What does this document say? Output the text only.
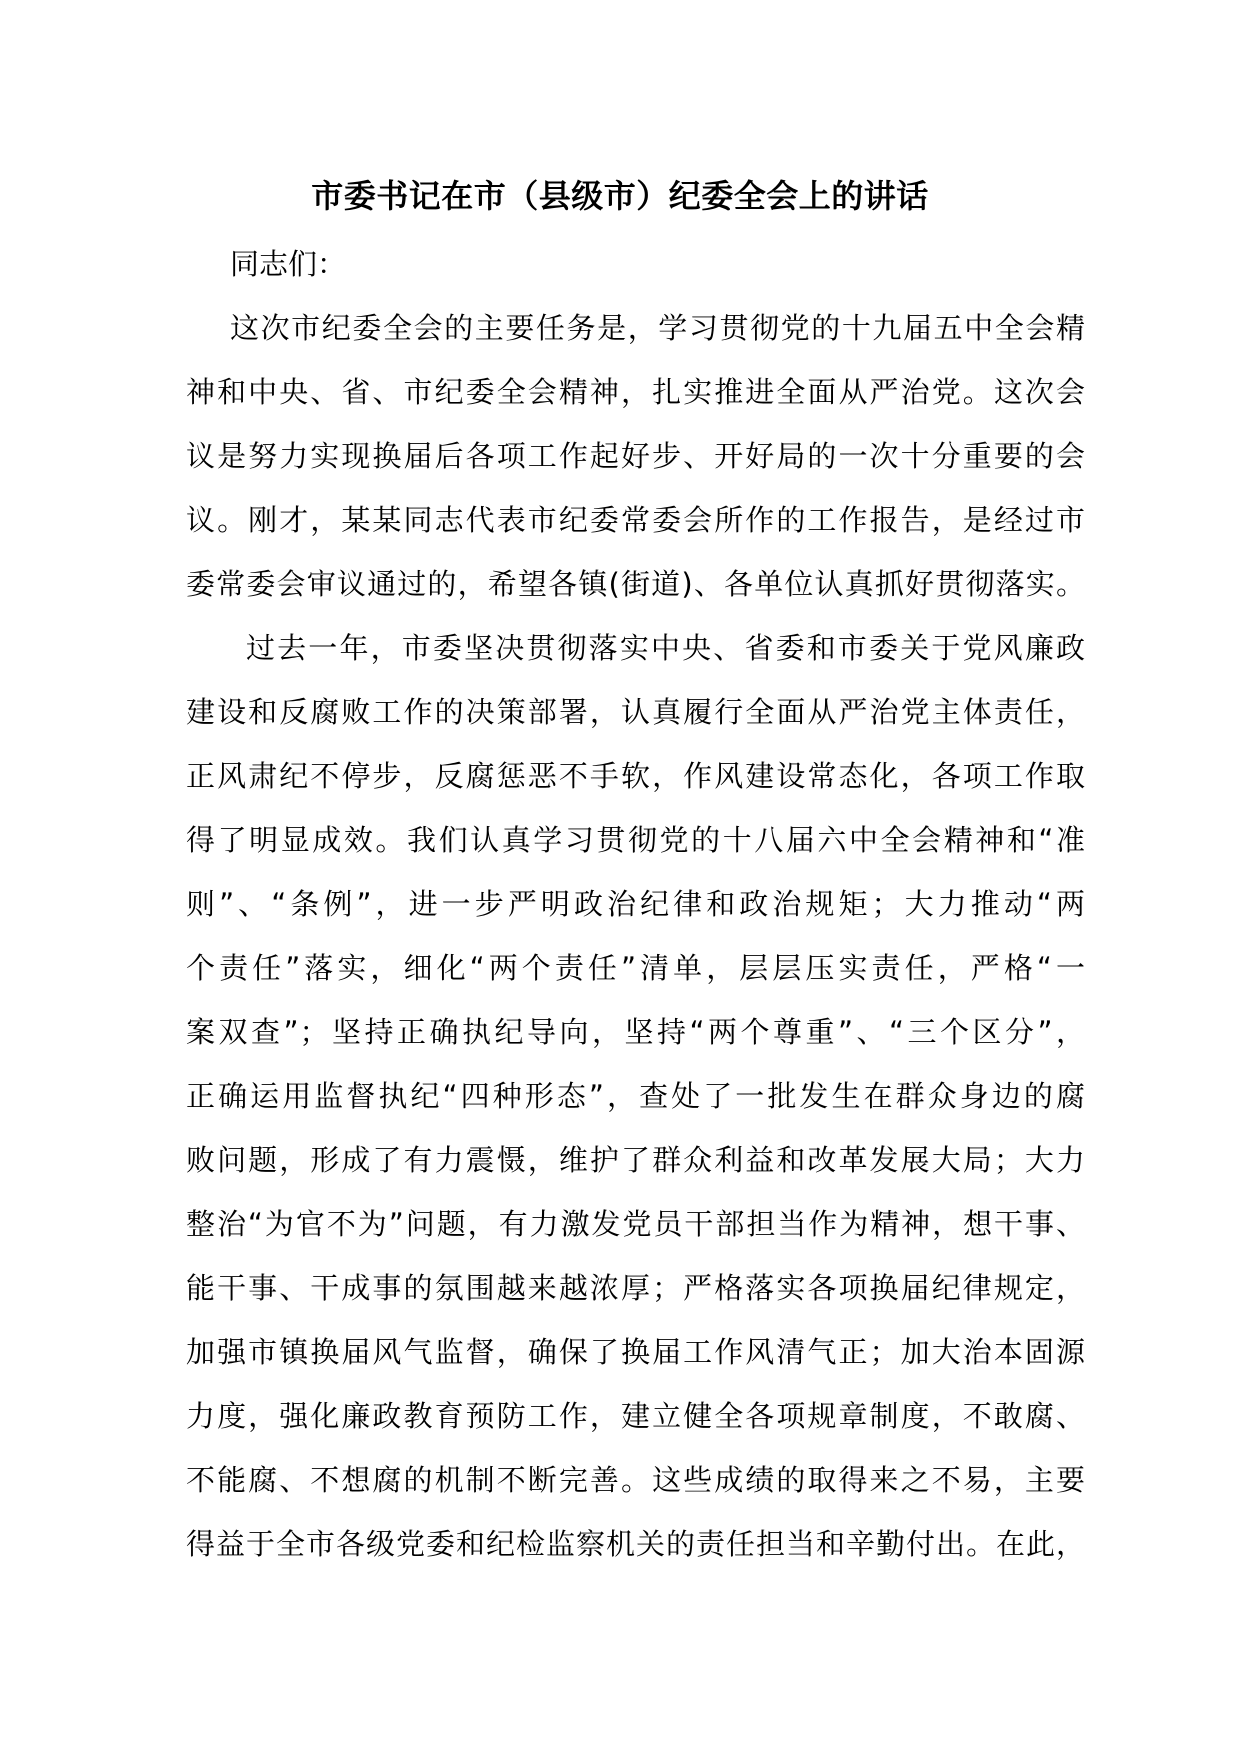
市委书记在市（县级市）纪委全会上的讲话
同志们：
这次市纪委全会的主要任务是，学习贯彻党的十九届五中全会精
神和中央、省、市纪委全会精神，扎实推进全面从严治党。这次会
议是努力实现换届后各项工作起好步、开好局的一次十分重要的会
议。刚才，某某同志代表市纪委常委会所作的工作报告，是经过市
委常委会审议通过的，希望各镇(街道)、各单位认真抓好贯彻落实。
过去一年，市委坚决贯彻落实中央、省委和市委关于党风廉政
建设和反腐败工作的决策部署，认真履行全面从严治党主体责任，
正风肃纪不停步，反腐惩恶不手软，作风建设常态化，各项工作取
得了明显成效。我们认真学习贯彻党的十八届六中全会精神和“准
则”、“条例”，进一步严明政治纪律和政治规矩；大力推动“两
个责任”落实，细化“两个责任”清单，层层压实责任，严格“一
案双查”；坚持正确执纪导向，坚持“两个尊重”、“三个区分”，
正确运用监督执纪“四种形态”，查处了一批发生在群众身边的腐
败问题，形成了有力震慑，维护了群众利益和改革发展大局；大力
整治“为官不为”问题，有力激发党员干部担当作为精神，想干事、
能干事、干成事的氛围越来越浓厚；严格落实各项换届纪律规定，
加强市镇换届风气监督，确保了换届工作风清气正；加大治本固源
力度，强化廉政教育预防工作，建立健全各项规章制度，不敢腐、
不能腐、不想腐的机制不断完善。这些成绩的取得来之不易，主要
得益于全市各级党委和纪检监察机关的责任担当和辛勤付出。在此，
